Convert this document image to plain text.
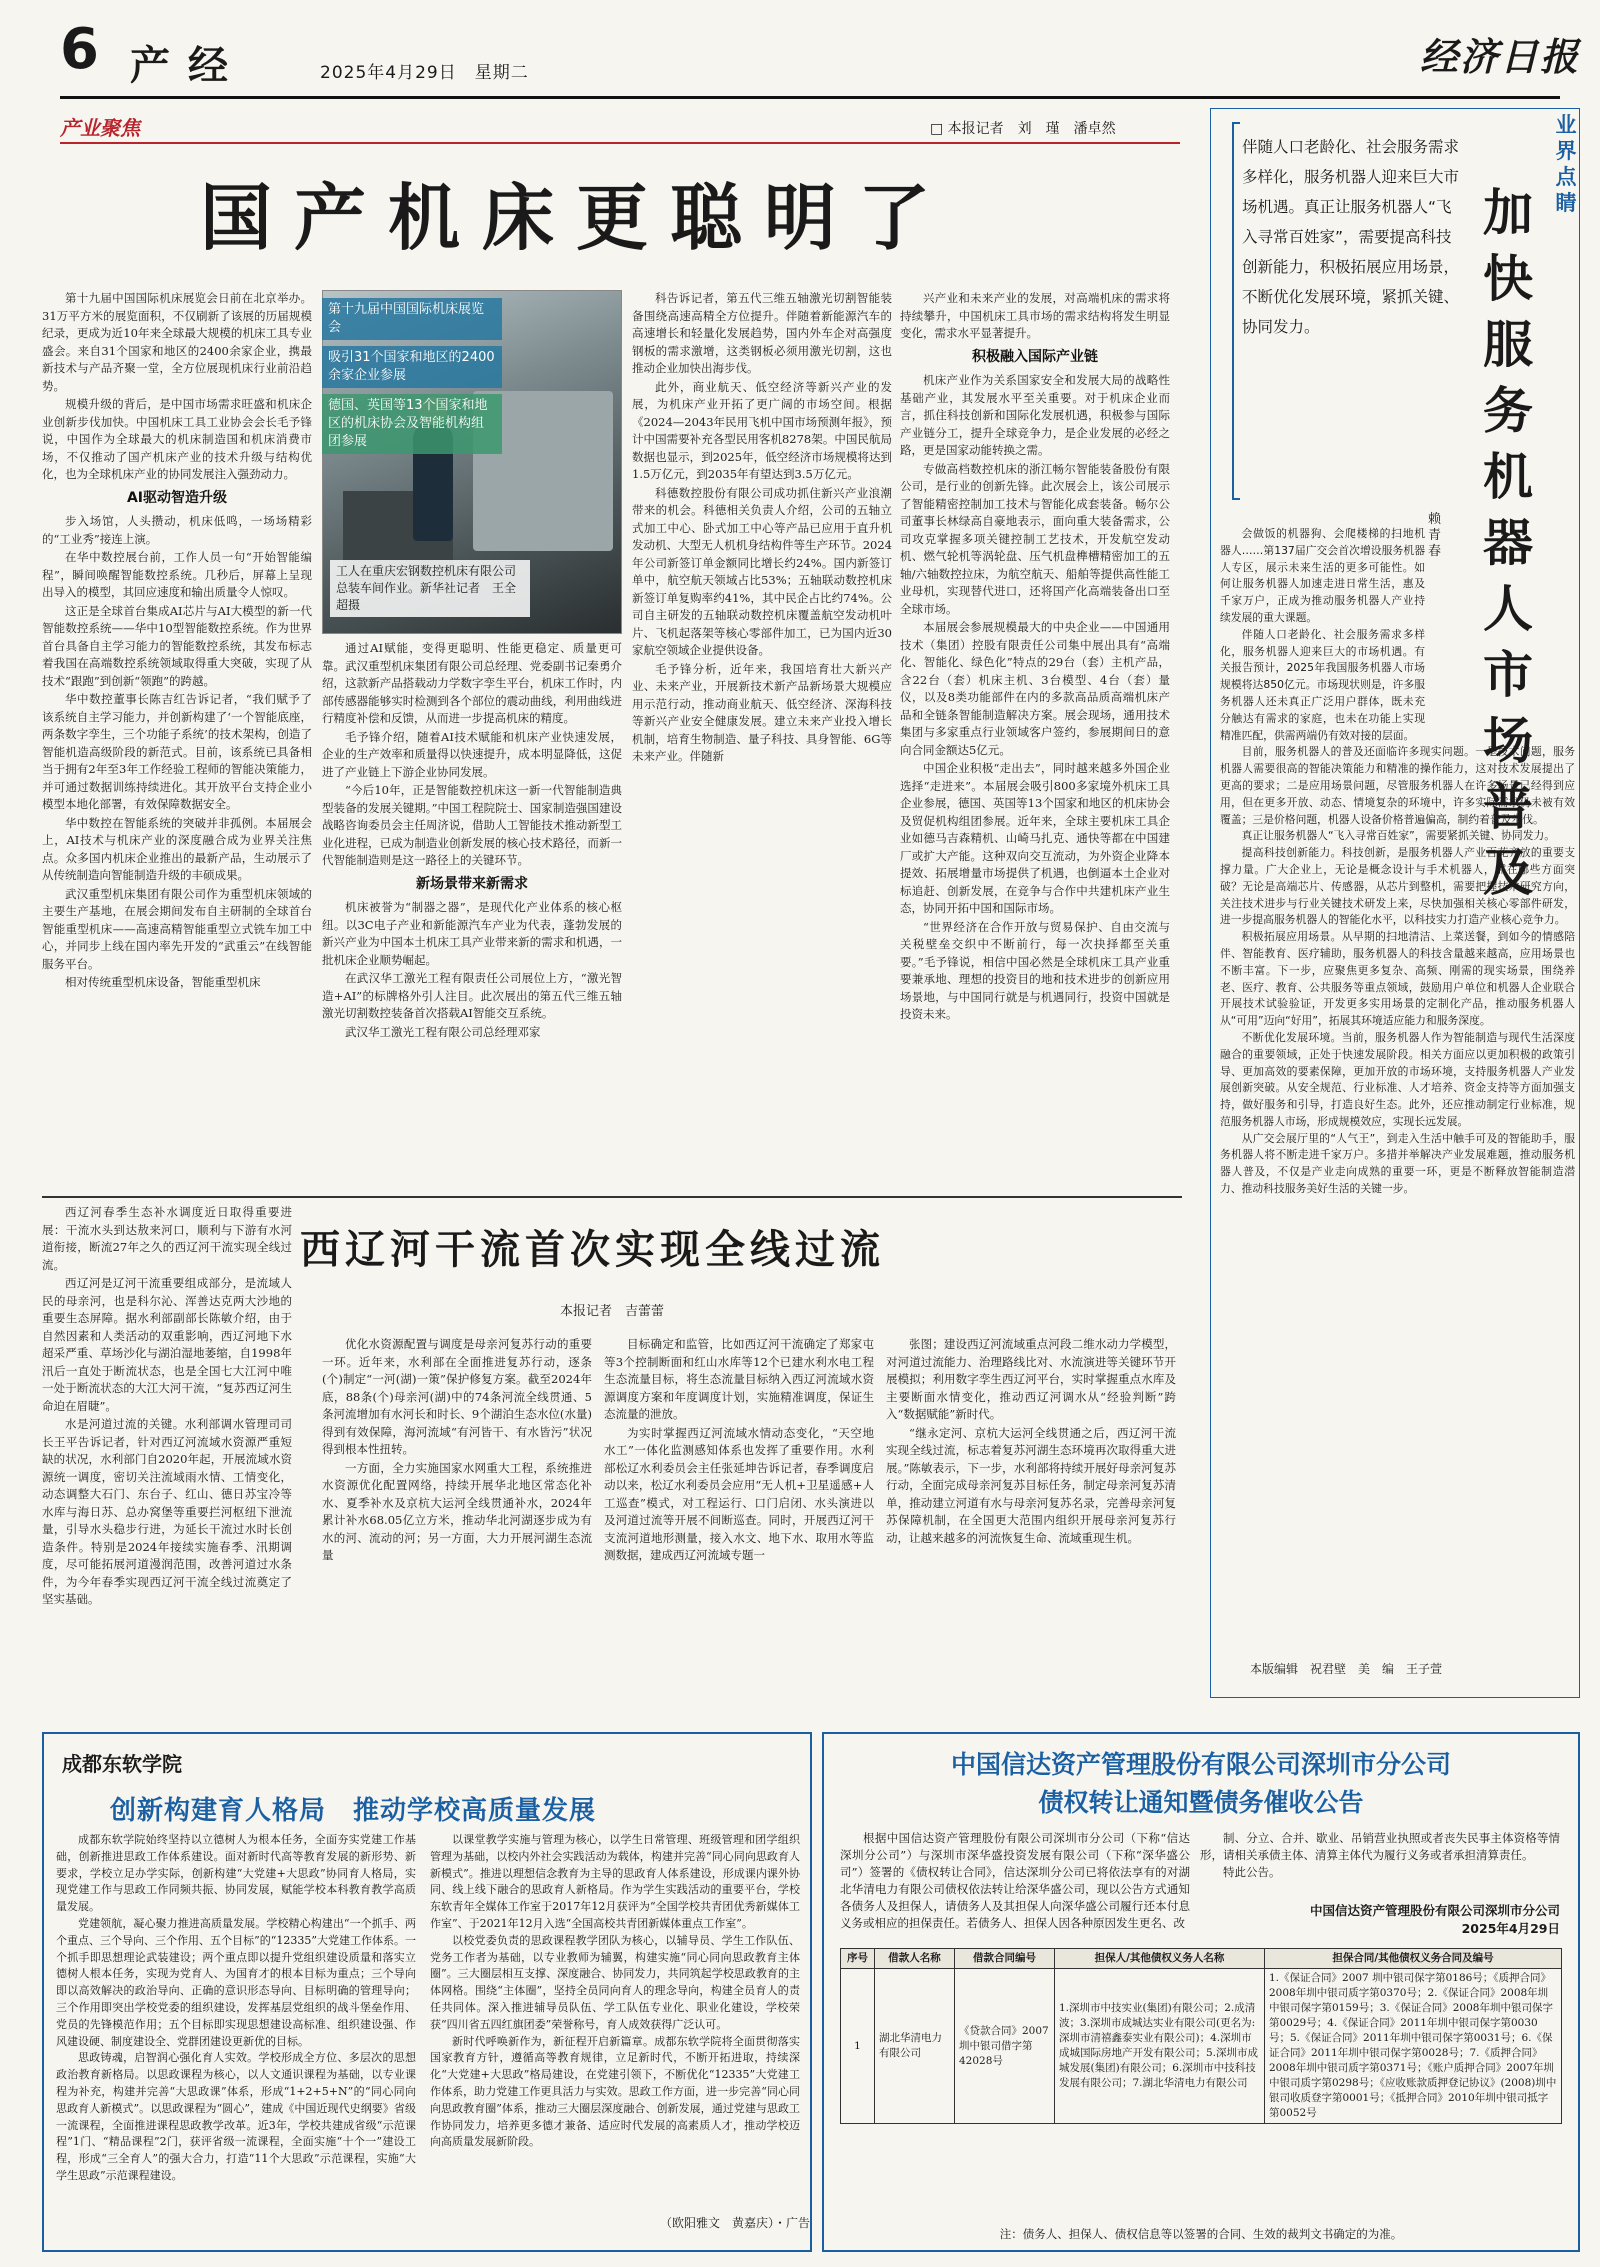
6 产经	2025年4月29日　星期二	经济日报
产业聚焦	□ 本报记者　刘　瑾　潘卓然
国产机床更聪明了

第十九届中国国际机床展览会日前在北京举办。31万平方米的展览面积，不仅刷新了该展的历届规模纪录，更成为近10年来全球最大规模的机床工具专业盛会。来自31个国家和地区的2400余家企业，携最新技术与产品齐聚一堂，全方位展现机床行业前沿趋势。

规模升级的背后，是中国市场需求旺盛和机床企业创新步伐加快。中国机床工具工业协会会长毛予锋说，中国作为全球最大的机床制造国和机床消费市场，不仅推动了国产机床产业的技术升级与结构优化，也为全球机床产业的协同发展注入强劲动力。

AI驱动智造升级

步入场馆，人头攒动，机床低鸣，一场场精彩的“工业秀”接连上演。

在华中数控展台前，工作人员一句“开始智能编程”，瞬间唤醒智能数控系统。几秒后，屏幕上呈现出导入的模型，其回应速度和输出质量令人惊叹。

这正是全球首台集成AI芯片与AI大模型的新一代智能数控系统——华中10型智能数控系统。作为世界首台具备自主学习能力的智能数控系统，其发布标志着我国在高端数控系统领域取得重大突破，实现了从技术“跟跑”到创新“领跑”的跨越。

华中数控董事长陈吉红告诉记者，“我们赋予了该系统自主学习能力，并创新构建了‘一个智能底座，两条数字孪生，三个功能子系统’的技术架构，创造了智能机造高级阶段的新范式。目前，该系统已具备相当于拥有2年至3年工作经验工程师的智能决策能力，并可通过数据训练持续进化。其开放平台支持企业小模型本地化部署，有效保障数据安全。

华中数控在智能系统的突破并非孤例。本届展会上，AI技术与机床产业的深度融合成为业界关注焦点。众多国内机床企业推出的最新产品，生动展示了从传统制造向智能制造升级的丰硕成果。

武汉重型机床集团有限公司作为重型机床领域的主要生产基地，在展会期间发布自主研制的全球首台智能重型机床——高速高精智能重型立式铣车加工中心，并同步上线在国内率先开发的“武重云”在线智能服务平台。

相对传统重型机床设备，智能重型机床

第十九届中国国际机床展览会
吸引31个国家和地区的2400余家企业参展
德国、英国等13个国家和地区的机床协会及智能机构组团参展
工人在重庆宏钢数控机床有限公司总装车间作业。新华社记者　王全超摄

通过AI赋能，变得更聪明、性能更稳定、质量更可靠。武汉重型机床集团有限公司总经理、党委副书记秦勇介绍，这款新产品搭载动力学数字孪生平台，机床工作时，内部传感器能够实时检测到各个部位的震动曲线，利用曲线进行精度补偿和反馈，从而进一步提高机床的精度。

毛予锋介绍，随着AI技术赋能和机床产业快速发展，企业的生产效率和质量得以快速提升，成本明显降低，这促进了产业链上下游企业协同发展。

“今后10年，正是智能数控机床这一新一代智能制造典型装备的发展关键期。”中国工程院院士、国家制造强国建设战略咨询委员会主任周济说，借助人工智能技术推动新型工业化进程，已成为制造业创新发展的核心技术路径，而新一代智能制造则是这一路径上的关键环节。

新场景带来新需求

机床被誉为“制器之器”，是现代化产业体系的核心枢纽。以3C电子产业和新能源汽车产业为代表，蓬勃发展的新兴产业为中国本土机床工具产业带来新的需求和机遇，一批机床企业顺势崛起。

在武汉华工激光工程有限责任公司展位上方，“激光智造+AI”的标牌格外引人注目。此次展出的第五代三维五轴激光切割数控装备首次搭载AI智能交互系统。

武汉华工激光工程有限公司总经理邓家

科告诉记者，第五代三维五轴激光切割智能装备围绕高速高精全方位提升。伴随着新能源汽车的高速增长和轻量化发展趋势，国内外车企对高强度钢板的需求激增，这类钢板必须用激光切割，这也推动企业加快出海步伐。

此外，商业航天、低空经济等新兴产业的发展，为机床产业开拓了更广阔的市场空间。根据《2024—2043年民用飞机中国市场预测年报》，预计中国需要补充各型民用客机8278架。中国民航局数据也显示，到2025年，低空经济市场规模将达到1.5万亿元，到2035年有望达到3.5万亿元。

科德数控股份有限公司成功抓住新兴产业浪潮带来的机会。科德相关负责人介绍，公司的五轴立式加工中心、卧式加工中心等产品已应用于直升机发动机、大型无人机机身结构件等生产环节。2024年公司新签订单金额同比增长约24%。国内新签订单中，航空航天领域占比53%；五轴联动数控机床新签订单复购率约41%，其中民企占比约74%。公司自主研发的五轴联动数控机床覆盖航空发动机叶片、飞机起落架等核心零部件加工，已为国内近30家航空领域企业提供设备。

毛予锋分析，近年来，我国培育壮大新兴产业、未来产业，开展新技术新产品新场景大规模应用示范行动，推动商业航天、低空经济、深海科技等新兴产业安全健康发展。建立未来产业投入增长机制，培育生物制造、量子科技、具身智能、6G等未来产业。伴随新

兴产业和未来产业的发展，对高端机床的需求将持续攀升，中国机床工具市场的需求结构将发生明显变化，需求水平显著提升。

积极融入国际产业链

机床产业作为关系国家安全和发展大局的战略性基础产业，其发展水平至关重要。对于机床企业而言，抓住科技创新和国际化发展机遇，积极参与国际产业链分工，提升全球竞争力，是企业发展的必经之路，更是国家动能转换之需。

专做高档数控机床的浙江畅尔智能装备股份有限公司，是行业的创新先锋。此次展会上，该公司展示了智能精密控制加工技术与智能化成套装备。畅尔公司董事长林绿高自豪地表示，面向重大装备需求，公司攻克掌握多项关键控制工艺技术，开发航空发动机、燃气轮机等涡轮盘、压气机盘榫槽精密加工的五轴/六轴数控拉床，为航空航天、船舶等提供高性能工业母机，实现替代进口，还将国产化高端装备出口至全球市场。

本届展会参展规模最大的中央企业——中国通用技术（集团）控股有限责任公司集中展出具有“高端化、智能化、绿色化”特点的29台（套）主机产品，含22台（套）机床主机、3台模型、4台（套）量仪，以及8类功能部件在内的多款高品质高端机床产品和全链条智能制造解决方案。展会现场，通用技术集团与多家重点行业领域客户签约，参展期间日的意向合同金额达5亿元。

中国企业积极“走出去”，同时越来越多外国企业选择“走进来”。本届展会吸引800多家境外机床工具企业参展，德国、英国等13个国家和地区的机床协会及贸促机构组团参展。近年来，全球主要机床工具企业如德马吉森精机、山崎马扎克、通快等都在中国建厂或扩大产能。这种双向交互流动，为外资企业降本提效、拓展增量市场提供了机遇，也倒逼本土企业对标追赶、创新发展，在竞争与合作中共建机床产业生态，协同开拓中国和国际市场。

“世界经济在合作开放与贸易保护、自由交流与关税壁垒交织中不断前行，每一次抉择都至关重要。”毛予锋说，相信中国必然是全球机床工具产业重要兼承地、理想的投资目的地和技术进步的创新应用场景地，与中国同行就是与机遇同行，投资中国就是投资未来。

业界点睛
加快服务机器人市场普及
伴随人口老龄化、社会服务需求多样化，服务机器人迎来巨大市场机遇。真正让服务机器人“飞入寻常百姓家”，需要提高科技创新能力，积极拓展应用场景，不断优化发展环境，紧抓关键、协同发力。
赖青春

会做饭的机器狗、会爬楼梯的扫地机器人……第137届广交会首次增设服务机器人专区，展示未来生活的更多可能性。如何让服务机器人加速走进日常生活，惠及千家万户，正成为推动服务机器人产业持续发展的重大课题。

伴随人口老龄化、社会服务需求多样化，服务机器人迎来巨大的市场机遇。有关报告预计，2025年我国服务机器人市场规模将达850亿元。市场现状则是，许多服务机器人还未真正广泛用户群体，既未充分触达有需求的家庭，也未在功能上实现精准匹配，供需两端仍有效对接的层面。

目前，服务机器人的普及还面临许多现实问题。一是技术问题，服务机器人需要很高的智能决策能力和精准的操作能力，这对技术发展提出了更高的要求；二是应用场景问题，尽管服务机器人在许多场景已经得到应用，但在更多开放、动态、情境复杂的环境中，许多实际需求仍未被有效覆盖；三是价格问题，机器人设备价格普遍偏高，制约着普及步伐。

真正让服务机器人“飞入寻常百姓家”，需要紧抓关键、协同发力。

提高科技创新能力。科技创新，是服务机器人产业百花齐放的重要支撑力量。广大企业上，无论是概念设计与手术机器人，需在哪些方面突破？无论是高端芯片、传感器，从芯片到整机，需要把握技术研究方向，关注技术进步与行业关键技术研发上来，尽快加强相关核心零部件研发，进一步提高服务机器人的智能化水平，以科技实力打造产业核心竞争力。

积极拓展应用场景。从早期的扫地清洁、上菜送餐，到如今的情感陪伴、智能教育、医疗辅助，服务机器人的科技含量越来越高，应用场景也不断丰富。下一步，应聚焦更多复杂、高频、刚需的现实场景，围绕养老、医疗、教育、公共服务等重点领域，鼓励用户单位和机器人企业联合开展技术试验验证，开发更多实用场景的定制化产品，推动服务机器人从“可用”迈向“好用”，拓展其环境适应能力和服务深度。

不断优化发展环境。当前，服务机器人作为智能制造与现代生活深度融合的重要领域，正处于快速发展阶段。相关方面应以更加积极的政策引导、更加高效的要素保障，更加开放的市场环境，支持服务机器人产业发展创新突破。从安全规范、行业标准、人才培养、资金支持等方面加强支持，做好服务和引导，打造良好生态。此外，还应推动制定行业标准，规范服务机器人市场，形成规模效应，实现长远发展。

从广交会展厅里的“人气王”，到走入生活中触手可及的智能助手，服务机器人将不断走进千家万户。多措并举解决产业发展难题，推动服务机器人普及，不仅是产业走向成熟的重要一环，更是不断释放智能制造潜力、推动科技服务美好生活的关键一步。

本版编辑　祝君壁　美　编　王子萱

西辽河春季生态补水调度近日取得重要进展：干流水头到达敖来河口，顺利与下游有水河道衔接，断流27年之久的西辽河干流实现全线过流。

西辽河是辽河干流重要组成部分，是流域人民的母亲河，也是科尔沁、浑善达克两大沙地的重要生态屏障。据水利部副部长陈敏介绍，由于自然因素和人类活动的双重影响，西辽河地下水超采严重、草场沙化与湖泊湿地萎缩，自1998年汛后一直处于断流状态，也是全国七大江河中唯一处于断流状态的大江大河干流，“复苏西辽河生命迫在眉睫”。

水是河道过流的关键。水利部调水管理司司长王平告诉记者，针对西辽河流域水资源严重短缺的状况，水利部门自2020年起，开展流域水资源统一调度，密切关注流域雨水情、工情变化，动态调整大石门、东台子、红山、德日苏宝冷等水库与海日苏、总办窝堡等重要拦河枢纽下泄流量，引导水头稳步行进，为延长干流过水时长创造条件。特别是2024年接续实施春季、汛期调度，尽可能拓展河道漫润范围，改善河道过水条件，为今年春季实现西辽河干流全线过流奠定了坚实基础。

西辽河干流首次实现全线过流
本报记者　吉蕾蕾

优化水资源配置与调度是母亲河复苏行动的重要一环。近年来，水利部在全面推进复苏行动，逐条(个)制定“一河(湖)一策”保护修复方案。截至2024年底，88条(个)母亲河(湖)中的74条河流全线贯通、5条河流增加有水河长和时长、9个湖泊生态水位(水量)得到有效保障，海河流域“有河皆干、有水皆污”状况得到根本性扭转。

一方面，全力实施国家水网重大工程，系统推进水资源优化配置网络，持续开展华北地区常态化补水、夏季补水及京杭大运河全线贯通补水，2024年累计补水68.05亿立方米，推动华北河湖逐步成为有水的河、流动的河；另一方面，大力开展河湖生态流量

目标确定和监管，比如西辽河干流确定了郑家屯等3个控制断面和红山水库等12个已建水利水电工程生态流量目标，将生态流量目标纳入西辽河流域水资源调度方案和年度调度计划，实施精准调度，保证生态流量的泄放。

为实时掌握西辽河流域水情动态变化，“天空地水工”一体化监测感知体系也发挥了重要作用。水利部松辽水利委员会主任张延坤告诉记者，春季调度启动以来，松辽水利委员会应用“无人机+卫星遥感+人工巡查”模式，对工程运行、口门启闭、水头演进以及河道过流等开展不间断巡查。同时，开展西辽河干支流河道地形测量，接入水文、地下水、取用水等监测数据，建成西辽河流域专题一

张图；建设西辽河流域重点河段二维水动力学模型，对河道过流能力、治理路线比对、水流演进等关键环节开展模拟；利用数字孪生西辽河平台，实时掌握重点水库及主要断面水情变化，推动西辽河调水从“经验判断”跨入“数据赋能”新时代。

“继永定河、京杭大运河全线贯通之后，西辽河干流实现全线过流，标志着复苏河湖生态环境再次取得重大进展。”陈敏表示，下一步，水利部将持续开展好母亲河复苏行动，全面完成母亲河复苏目标任务，制定母亲河复苏清单，推动建立河道有水与母亲河复苏名录，完善母亲河复苏保障机制，在全国更大范围内组织开展母亲河复苏行动，让越来越多的河流恢复生命、流域重现生机。

成都东软学院
创新构建育人格局　推动学校高质量发展

成都东软学院始终坚持以立德树人为根本任务，全面夯实党建工作基础，创新推进思政工作体系建设。面对新时代高等教育发展的新形势、新要求，学校立足办学实际，创新构建“大党建+大思政”协同育人格局，实现党建工作与思政工作同频共振、协同发展，赋能学校本科教育教学高质量发展。

党建领航，凝心聚力推进高质量发展。学校精心构建出“一个抓手、两个重点、三个导向、三个作用、五个目标”的“12335”大党建工作体系。一个抓手即思想理论武装建设；两个重点即以提升党组织建设质量和落实立德树人根本任务，实现为党育人、为国育才的根本目标为重点；三个导向即以高效解决的政治导向、正确的意识形态导向、目标明确的管理导向；三个作用即突出学校党委的组织建设，发挥基层党组织的战斗堡垒作用、党员的先锋模范作用；五个目标即实现思想建设高标准、组织建设强、作风建设硬、制度建设全、党群团建设更新优的目标。

思政铸魂，启智润心强化育人实效。学校形成全方位、多层次的思想政治教育新格局。以思政课程为核心，以人文通识课程为基础，以专业课程为补充，构建并完善“大思政课”体系，形成“1+2+5+N”的“同心同向思政育人新模式”。以思政课程为“圆心”，建成《中国近现代史纲要》省级一流课程，全面推进课程思政教学改革。近3年，学校共建成省级“示范课程”1门、“精品课程”2门，获评省级一流课程，全面实施“十个一”建设工程，形成“三全育人”的强大合力，打造“11个大思政”示范课程，实施“大学生思政”示范课程建设。

以课堂教学实施与管理为核心，以学生日常管理、班级管理和团学组织管理为基础，以校内外社会实践活动为载体，构建并完善“同心同向思政育人新模式”。推进以理想信念教育为主导的思政育人体系建设，形成课内课外协同、线上线下融合的思政育人新格局。作为学生实践活动的重要平台，学校东软青年全媒体工作室于2017年12月获评为“全国学校共青团优秀新媒体工作室”、于2021年12月入选“全国高校共青团新媒体重点工作室”。

以校党委负责的思政课程教学团队为核心，以辅导员、学生工作队伍、党务工作者为基础，以专业教师为辅翼，构建实施“同心同向思政教育主体圈”。三大圈层相互支撑、深度融合、协同发力，共同筑起学校思政教育的主体网格。围绕“主体圈”，坚持全员同向育人的理念导向，构建全员育人的责任共同体。深入推进辅导员队伍、学工队伍专业化、职业化建设，学校荣获“四川省五四红旗团委”荣誉称号，育人成效获得广泛认可。

新时代呼唤新作为，新征程开启新篇章。成都东软学院将全面贯彻落实国家教育方针，遵循高等教育规律，立足新时代，不断开拓进取，持续深化“大党建+大思政”格局建设，在党建引领下，不断优化“12335”大党建工作体系，助力党建工作更具活力与实效。思政工作方面，进一步完善“同心同向思政教育圈”体系，推动三大圈层深度融合、创新发展，通过党建与思政工作协同发力，培养更多德才兼备、适应时代发展的高素质人才，推动学校迈向高质量发展新阶段。

（欧阳雅文　黄嘉庆）・广告
中国信达资产管理股份有限公司深圳市分公司
债权转让通知暨债务催收公告

根据中国信达资产管理股份有限公司深圳市分公司（下称“信达深圳分公司”）与深圳市深华盛投资发展有限公司（下称“深华盛公司”）签署的《债权转让合同》，信达深圳分公司已将依法享有的对湖北华清电力有限公司债权依法转让给深华盛公司，现以公告方式通知各债务人及担保人，请债务人及其担保人向深华盛公司履行还本付息义务或相应的担保责任。若债务人、担保人因各种原因发生更名、改

制、分立、合并、歇业、吊销营业执照或者丧失民事主体资格等情形，请相关承债主体、清算主体代为履行义务或者承担清算责任。

特此公告。

中国信达资产管理股份有限公司深圳市分公司
2025年4月29日
序号	借款人名称	借款合同编号	担保人/其他债权义务人名称	担保合同/其他债权义务合同及编号
1	湖北华清电力有限公司	《贷款合同》2007 圳中银司借字第42028号	1.深圳市中技实业(集团)有限公司；2.成清波；3.深圳市成城达实业有限公司(更名为:深圳市清禧鑫泰实业有限公司)；4.深圳市成城国际房地产开发有限公司；5.深圳市成城发展(集团)有限公司；6.深圳市中技科技发展有限公司；7.湖北华清电力有限公司	1.《保证合同》2007 圳中银司保字第0186号；《质押合同》2008年圳中银司质字第0370号；2.《保证合同》2008年圳中银司保字第0159号；3.《保证合同》2008年圳中银司保字第0029号；4.《保证合同》2011年圳中银司保字第0030号；5.《保证合同》2011年圳中银司保字第0031号；6.《保证合同》2011年圳中银司保字第0028号；7.《质押合同》2008年圳中银司质字第0371号；《账户质押合同》2007年圳中银司质字第0298号；《应收账款质押登记协议》(2008)圳中银司收质登字第0001号；《抵押合同》2010年圳中银司抵字第0052号
注：债务人、担保人、债权信息等以签署的合同、生效的裁判文书确定的为准。
